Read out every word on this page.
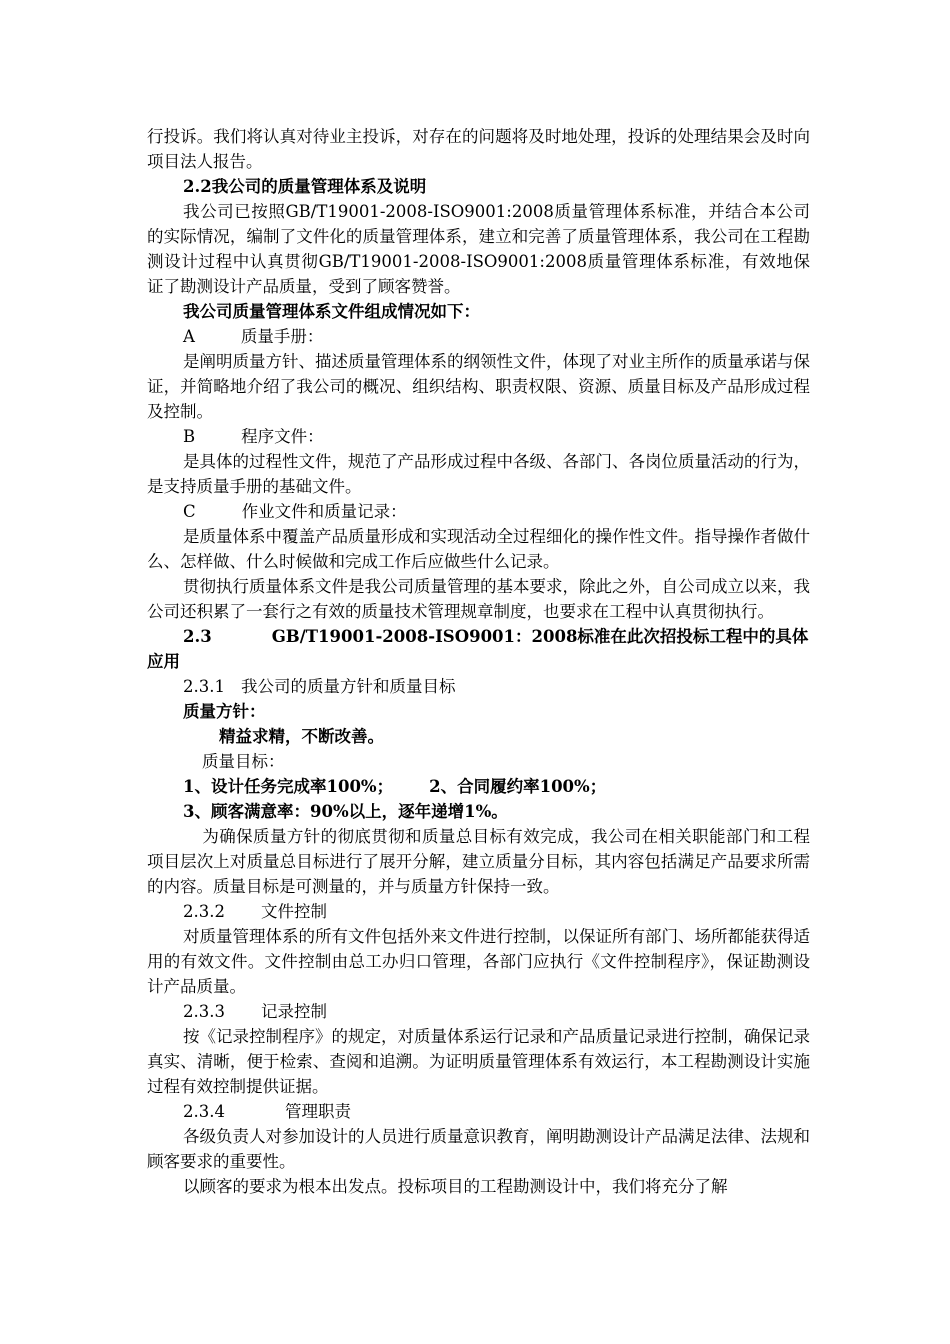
行投诉。我们将认真对待业主投诉，对存在的问题将及时地处理，投诉的处理结果会及时向项目法人报告。

2.2我公司的质量管理体系及说明

我公司已按照GB/T19001-2008-ISO9001:2008质量管理体系标准，并结合本公司的实际情况，编制了文件化的质量管理体系，建立和完善了质量管理体系，我公司在工程勘测设计过程中认真贯彻GB/T19001-2008-ISO9001:2008质量管理体系标准，有效地保证了勘测设计产品质量，受到了顾客赞誉。

我公司质量管理体系文件组成情况如下：

A	质量手册：

是阐明质量方针、描述质量管理体系的纲领性文件，体现了对业主所作的质量承诺与保证，并简略地介绍了我公司的概况、组织结构、职责权限、资源、质量目标及产品形成过程及控制。

B	程序文件：

是具体的过程性文件，规范了产品形成过程中各级、各部门、各岗位质量活动的行为，是支持质量手册的基础文件。

C	作业文件和质量记录：

是质量体系中覆盖产品质量形成和实现活动全过程细化的操作性文件。指导操作者做什么、怎样做、什么时候做和完成工作后应做些什么记录。

贯彻执行质量体系文件是我公司质量管理的基本要求，除此之外，自公司成立以来，我公司还积累了一套行之有效的质量技术管理规章制度，也要求在工程中认真贯彻执行。

2.3	GB/T19001-2008-ISO9001：2008标准在此次招投标工程中的具体应用

2.3.1 我公司的质量方针和质量目标

质量方针：

精益求精，不断改善。

质量目标：

1、设计任务完成率100%； 2、合同履约率100%；

3、顾客满意率：90%以上，逐年递增1%。

为确保质量方针的彻底贯彻和质量总目标有效完成，我公司在相关职能部门和工程项目层次上对质量总目标进行了展开分解，建立质量分目标，其内容包括满足产品要求所需的内容。质量目标是可测量的，并与质量方针保持一致。

2.3.2 文件控制

对质量管理体系的所有文件包括外来文件进行控制，以保证所有部门、场所都能获得适用的有效文件。文件控制由总工办归口管理，各部门应执行《文件控制程序》，保证勘测设计产品质量。

2.3.3 记录控制

按《记录控制程序》的规定，对质量体系运行记录和产品质量记录进行控制，确保记录真实、清晰，便于检索、查阅和追溯。为证明质量管理体系有效运行，本工程勘测设计实施过程有效控制提供证据。

2.3.4	管理职责

各级负责人对参加设计的人员进行质量意识教育，阐明勘测设计产品满足法律、法规和顾客要求的重要性。

以顾客的要求为根本出发点。投标项目的工程勘测设计中，我们将充分了解
